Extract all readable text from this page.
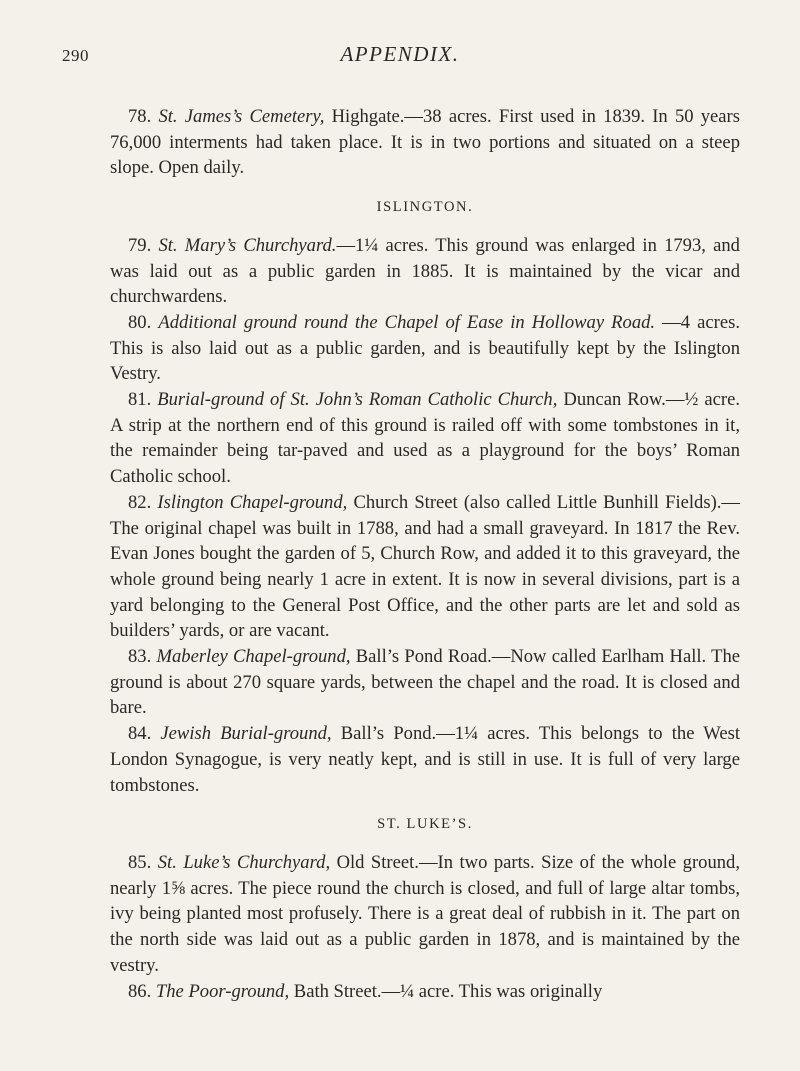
290	APPENDIX.

78. St. James’s Cemetery, Highgate.—38 acres. First used in 1839. In 50 years 76,000 interments had taken place. It is in two portions and situated on a steep slope. Open daily.

ISLINGTON.

79. St. Mary’s Churchyard.—1¼ acres. This ground was enlarged in 1793, and was laid out as a public garden in 1885. It is maintained by the vicar and churchwardens.

80. Additional ground round the Chapel of Ease in Holloway Road. —4 acres. This is also laid out as a public garden, and is beautifully kept by the Islington Vestry.

81. Burial-ground of St. John’s Roman Catholic Church, Duncan Row.—½ acre. A strip at the northern end of this ground is railed off with some tombstones in it, the remainder being tar-paved and used as a playground for the boys’ Roman Catholic school.

82. Islington Chapel-ground, Church Street (also called Little Bunhill Fields).—The original chapel was built in 1788, and had a small graveyard. In 1817 the Rev. Evan Jones bought the garden of 5, Church Row, and added it to this graveyard, the whole ground being nearly 1 acre in extent. It is now in several divisions, part is a yard belonging to the General Post Office, and the other parts are let and sold as builders’ yards, or are vacant.

83. Maberley Chapel-ground, Ball’s Pond Road.—Now called Earlham Hall. The ground is about 270 square yards, between the chapel and the road. It is closed and bare.

84. Jewish Burial-ground, Ball’s Pond.—1¼ acres. This belongs to the West London Synagogue, is very neatly kept, and is still in use. It is full of very large tombstones.

ST. LUKE’S.

85. St. Luke’s Churchyard, Old Street.—In two parts. Size of the whole ground, nearly 1⅝ acres. The piece round the church is closed, and full of large altar tombs, ivy being planted most profusely. There is a great deal of rubbish in it. The part on the north side was laid out as a public garden in 1878, and is maintained by the vestry.

86. The Poor-ground, Bath Street.—¼ acre. This was originally
